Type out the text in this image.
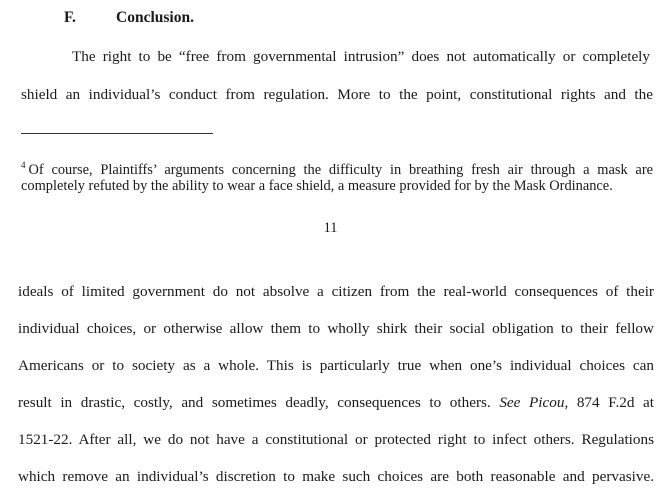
F.	Conclusion.
The right to be “free from governmental intrusion” does not automatically or completely
shield an individual’s conduct from regulation. More to the point, constitutional rights and the
$^4$ Of course, Plaintiffs’ arguments concerning the difficulty in breathing fresh air through a mask are completely refuted by the ability to wear a face shield, a measure provided for by the Mask Ordinance.
11
ideals of limited government do not absolve a citizen from the real-world consequences of their
individual choices, or otherwise allow them to wholly shirk their social obligation to their fellow
Americans or to society as a whole. This is particularly true when one’s individual choices can
result in drastic, costly, and sometimes deadly, consequences to others. See Picou, 874 F.2d at
1521-22. After all, we do not have a constitutional or protected right to infect others. Regulations
which remove an individual’s discretion to make such choices are both reasonable and pervasive.
